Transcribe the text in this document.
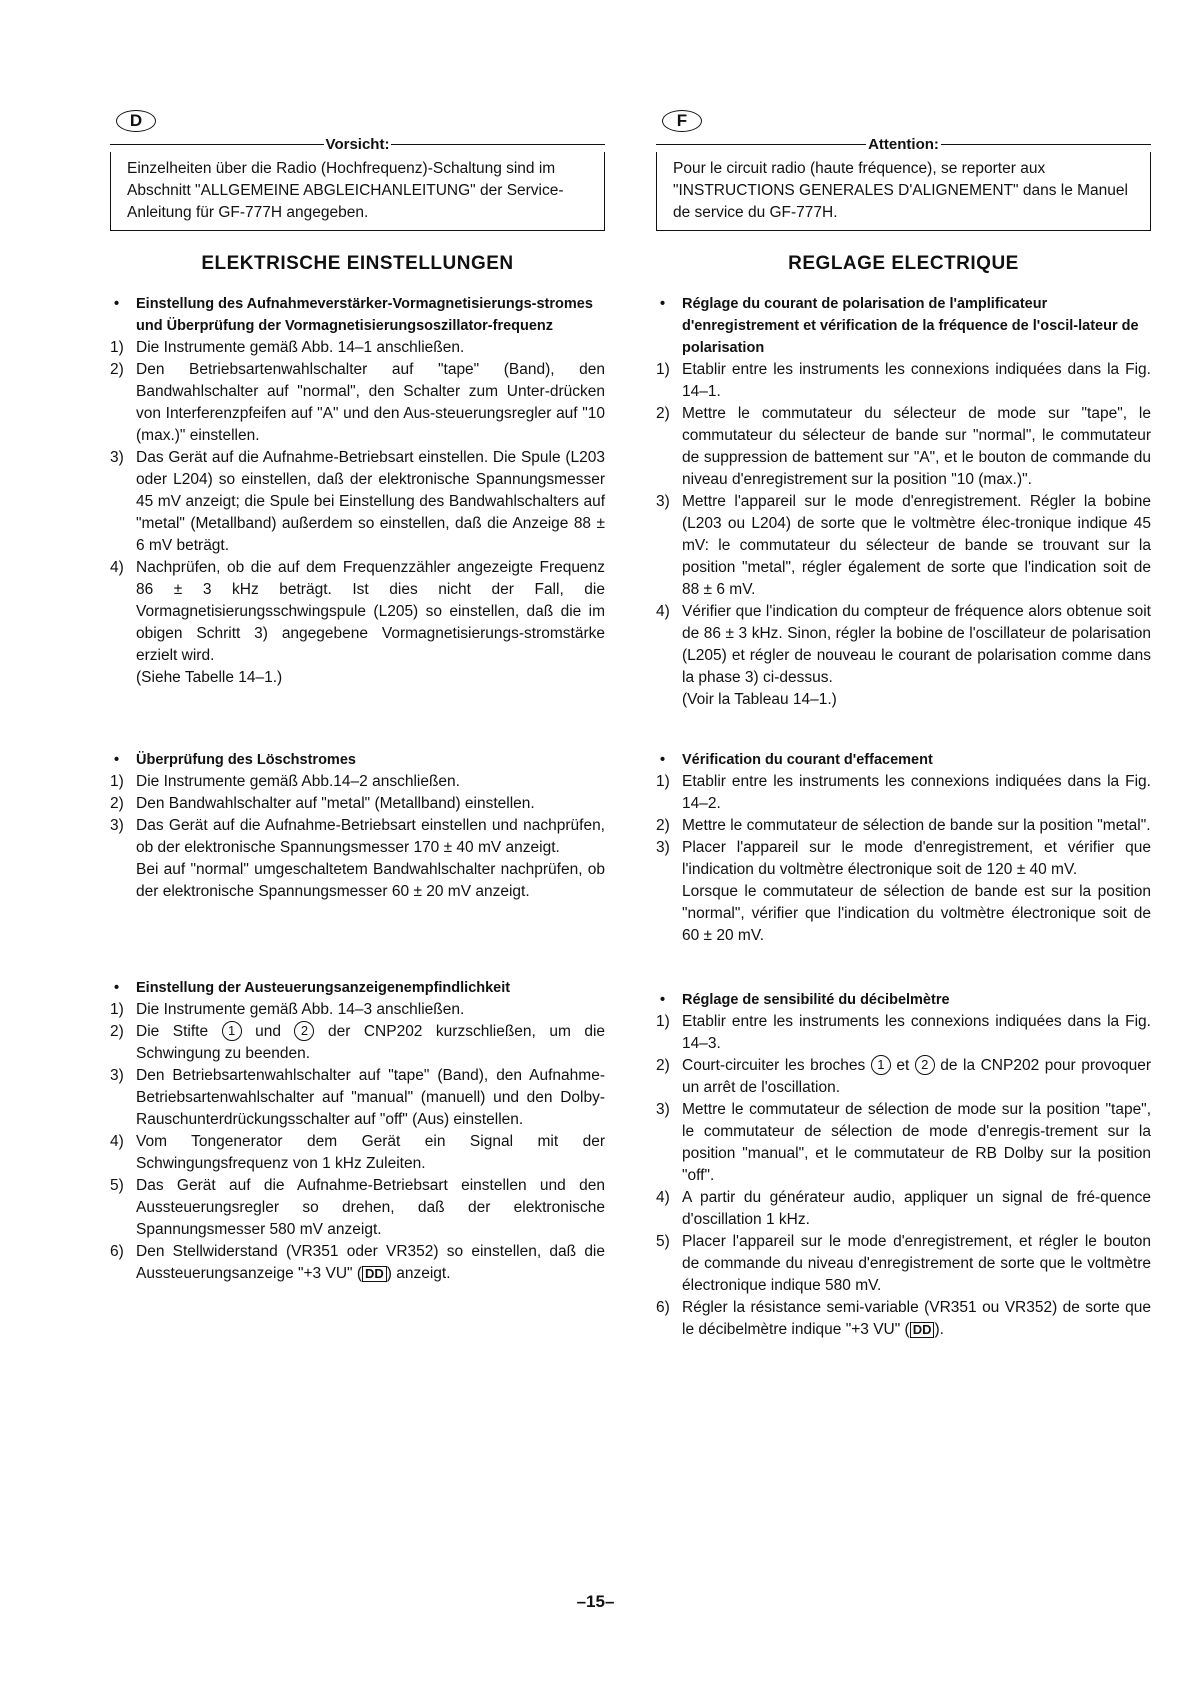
D
Vorsicht:
Einzelheiten über die Radio (Hochfrequenz)-Schaltung sind im Abschnitt "ALLGEMEINE ABGLEICHANLEITUNG" der Service-Anleitung für GF-777H angegeben.
ELEKTRISCHE EINSTELLUNGEN
•	Einstellung des Aufnahmeverstärker-Vormagnetisierungs-stromes und Überprüfung der Vormagnetisierungsoszillator-frequenz
1) Die Instrumente gemäß Abb. 14–1 anschließen.
2) Den Betriebsartenwahlschalter auf "tape" (Band), den Bandwahlschalter auf "normal", den Schalter zum Unter-drücken von Interferenzpfeifen auf "A" und den Aus-steuerungsregler auf "10 (max.)" einstellen.
3) Das Gerät auf die Aufnahme-Betriebsart einstellen. Die Spule (L203 oder L204) so einstellen, daß der elektronische Spannungsmesser 45 mV anzeigt; die Spule bei Einstellung des Bandwahlschalters auf "metal" (Metallband) außerdem so einstellen, daß die Anzeige 88 ± 6 mV beträgt.
4) Nachprüfen, ob die auf dem Frequenzzähler angezeigte Frequenz 86 ± 3 kHz beträgt. Ist dies nicht der Fall, die Vormagnetisierungsschwingspule (L205) so einstellen, daß die im obigen Schritt 3) angegebene Vormagnetisierungs-stromstärke erzielt wird.
(Siehe Tabelle 14–1.)
•	Überprüfung des Löschstromes
1) Die Instrumente gemäß Abb.14–2 anschließen.
2) Den Bandwahlschalter auf "metal" (Metallband) einstellen.
3) Das Gerät auf die Aufnahme-Betriebsart einstellen und nachprüfen, ob der elektronische Spannungsmesser 170 ± 40 mV anzeigt.
Bei auf "normal" umgeschaltetem Bandwahlschalter nachprüfen, ob der elektronische Spannungsmesser 60 ± 20 mV anzeigt.
•	Einstellung der Austeuerungsanzeigenempfindlichkeit
1) Die Instrumente gemäß Abb. 14–3 anschließen.
2) Die Stifte 1 und 2 der CNP202 kurzschließen, um die Schwingung zu beenden.
3) Den Betriebsartenwahlschalter auf "tape" (Band), den Aufnahme-Betriebsartenwahlschalter auf "manual" (manuell) und den Dolby-Rauschunterdrückungsschalter auf "off" (Aus) einstellen.
4) Vom Tongenerator dem Gerät ein Signal mit der Schwingungsfrequenz von 1 kHz Zuleiten.
5) Das Gerät auf die Aufnahme-Betriebsart einstellen und den Aussteuerungsregler so drehen, daß der elektronische Spannungsmesser 580 mV anzeigt.
6) Den Stellwiderstand (VR351 oder VR352) so einstellen, daß die Aussteuerungsanzeige "+3 VU" ( DD ) anzeigt.
F
Attention:
Pour le circuit radio (haute fréquence), se reporter aux "INSTRUCTIONS GENERALES D'ALIGNEMENT" dans le Manuel de service du GF-777H.
REGLAGE ELECTRIQUE
•	Réglage du courant de polarisation de l'amplificateur d'enregistrement et vérification de la fréquence de l'oscil-lateur de polarisation
1) Etablir entre les instruments les connexions indiquées dans la Fig. 14–1.
2) Mettre le commutateur du sélecteur de mode sur "tape", le commutateur du sélecteur de bande sur "normal", le commutateur de suppression de battement sur "A", et le bouton de commande du niveau d'enregistrement sur la position "10 (max.)".
3) Mettre l'appareil sur le mode d'enregistrement. Régler la bobine (L203 ou L204) de sorte que le voltmètre élec-tronique indique 45 mV: le commutateur du sélecteur de bande se trouvant sur la position "metal", régler également de sorte que l'indication soit de 88 ± 6 mV.
4) Vérifier que l'indication du compteur de fréquence alors obtenue soit de 86 ± 3 kHz. Sinon, régler la bobine de l'oscillateur de polarisation (L205) et régler de nouveau le courant de polarisation comme dans la phase 3) ci-dessus.
(Voir la Tableau 14–1.)
•	Vérification du courant d'effacement
1) Etablir entre les instruments les connexions indiquées dans la Fig. 14–2.
2) Mettre le commutateur de sélection de bande sur la position "metal".
3) Placer l'appareil sur le mode d'enregistrement, et vérifier que l'indication du voltmètre électronique soit de 120 ± 40 mV.
Lorsque le commutateur de sélection de bande est sur la position "normal", vérifier que l'indication du voltmètre électronique soit de 60 ± 20 mV.
•	Réglage de sensibilité du décibelmètre
1) Etablir entre les instruments les connexions indiquées dans la Fig. 14–3.
2) Court-circuiter les broches 1 et 2 de la CNP202 pour provoquer un arrêt de l'oscillation.
3) Mettre le commutateur de sélection de mode sur la position "tape", le commutateur de sélection de mode d'enregis-trement sur la position "manual", et le commutateur de RB Dolby sur la position "off".
4) A partir du générateur audio, appliquer un signal de fré-quence d'oscillation 1 kHz.
5) Placer l'appareil sur le mode d'enregistrement, et régler le bouton de commande du niveau d'enregistrement de sorte que le voltmètre électronique indique 580 mV.
6) Régler la résistance semi-variable (VR351 ou VR352) de sorte que le décibelmètre indique "+3 VU" ( DD ).
–15–
